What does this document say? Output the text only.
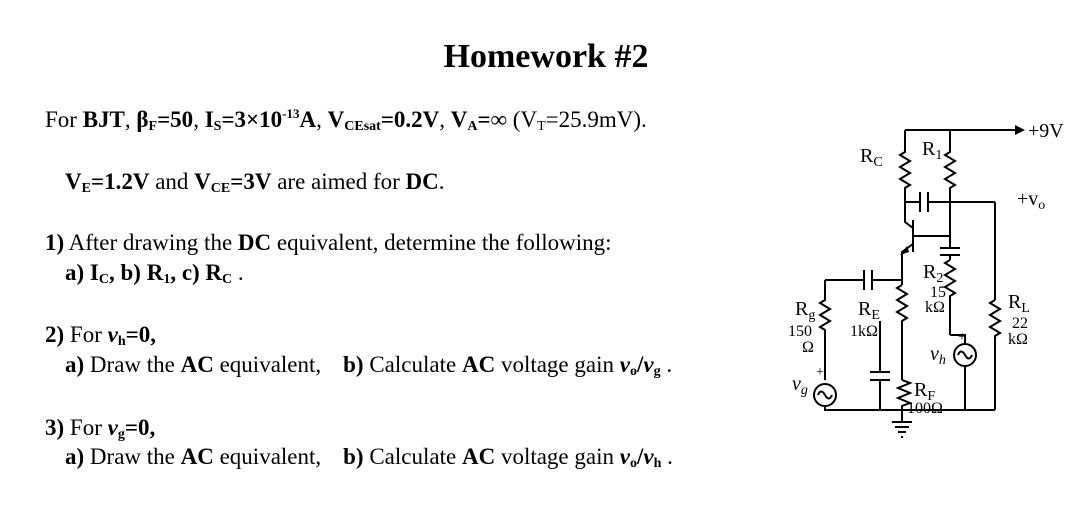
Homework #2
For BJT, $\beta_F=50$, $I_S=3\times 10^{-13}A$, $V_{CEsat}=0.2V$, $V_A=\infty$ $(V_T=25.9mV)$.
$V_E=1.2V$ and $V_{CE}=3V$ are aimed for DC.
1) After drawing the DC equivalent, determine the following:
a) $I_C$, b) $R_1$, c) $R_C$ .
2) For $v_h=0$,
a) Draw the AC equivalent, b) Calculate AC voltage gain $v_o/v_g$ .
3) For $v_g=0$,
a) Draw the AC equivalent, b) Calculate AC voltage gain $v_o/v_h$ .
+9V
$+v_o$
$R_C$
$R_1$
$R_2$
15
kΩ
$R_g$
150
Ω
$R_E$
1kΩ
$R_L$
22
kΩ
$R_F$
100Ω
$v_g$
+
$v_h$
+
